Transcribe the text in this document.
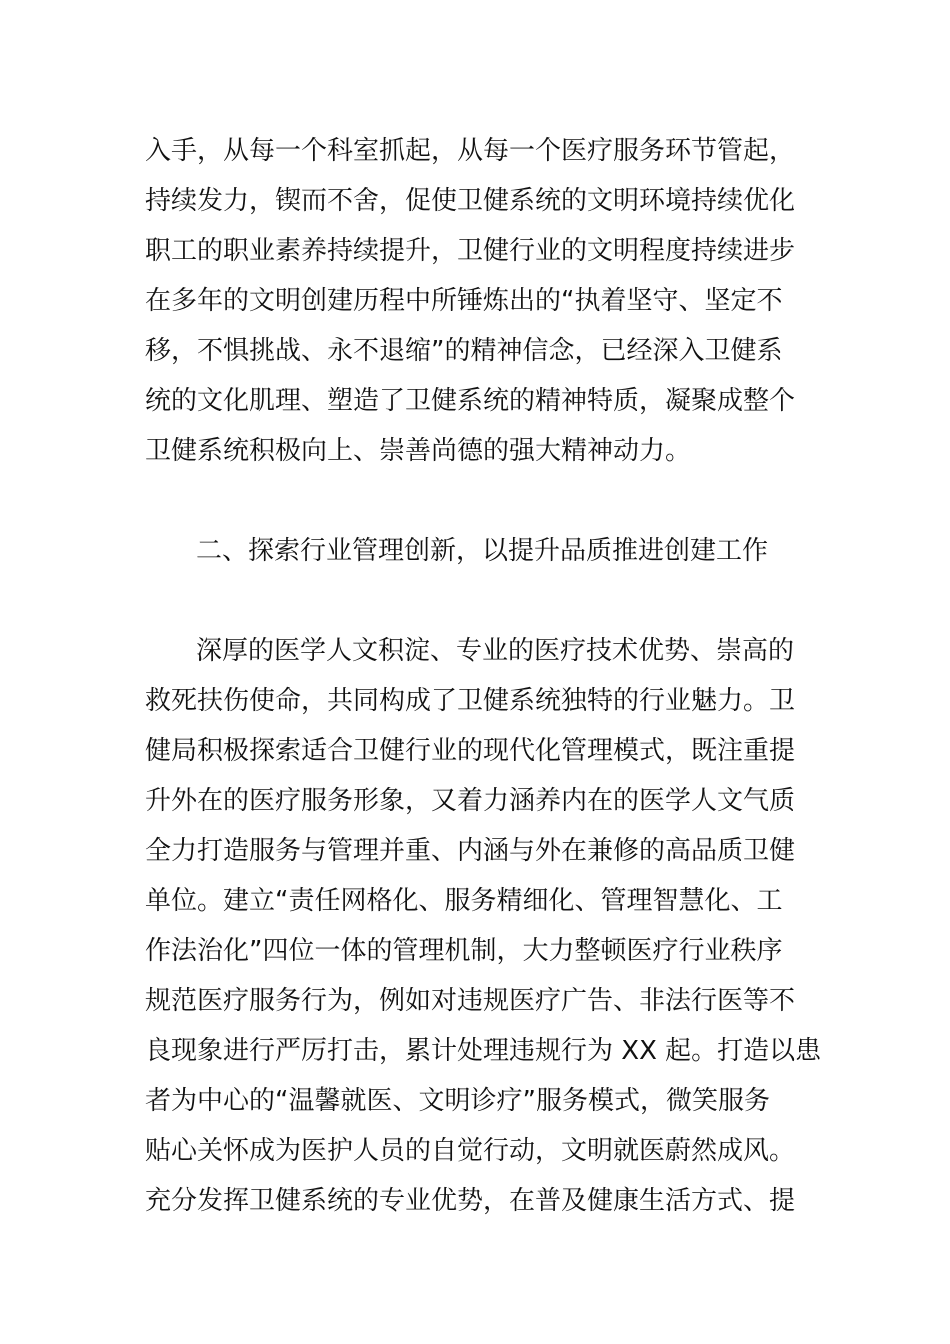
入手，从每一个科室抓起，从每一个医疗服务环节管起，
持续发力，锲而不舍，促使卫健系统的文明环境持续优化
职工的职业素养持续提升，卫健行业的文明程度持续进步
在多年的文明创建历程中所锤炼出的“执着坚守、坚定不
移，不惧挑战、永不退缩”的精神信念，已经深入卫健系
统的文化肌理、塑造了卫健系统的精神特质，凝聚成整个
卫健系统积极向上、崇善尚德的强大精神动力。
二、探索行业管理创新，以提升品质推进创建工作
深厚的医学人文积淀、专业的医疗技术优势、崇高的
救死扶伤使命，共同构成了卫健系统独特的行业魅力。卫
健局积极探索适合卫健行业的现代化管理模式，既注重提
升外在的医疗服务形象，又着力涵养内在的医学人文气质
全力打造服务与管理并重、内涵与外在兼修的高品质卫健
单位。建立“责任网格化、服务精细化、管理智慧化、工
作法治化”四位一体的管理机制，大力整顿医疗行业秩序
规范医疗服务行为，例如对违规医疗广告、非法行医等不
良现象进行严厉打击，累计处理违规行为 XX 起。打造以患
者为中心的“温馨就医、文明诊疗”服务模式，微笑服务
贴心关怀成为医护人员的自觉行动，文明就医蔚然成风。
充分发挥卫健系统的专业优势，在普及健康生活方式、提
